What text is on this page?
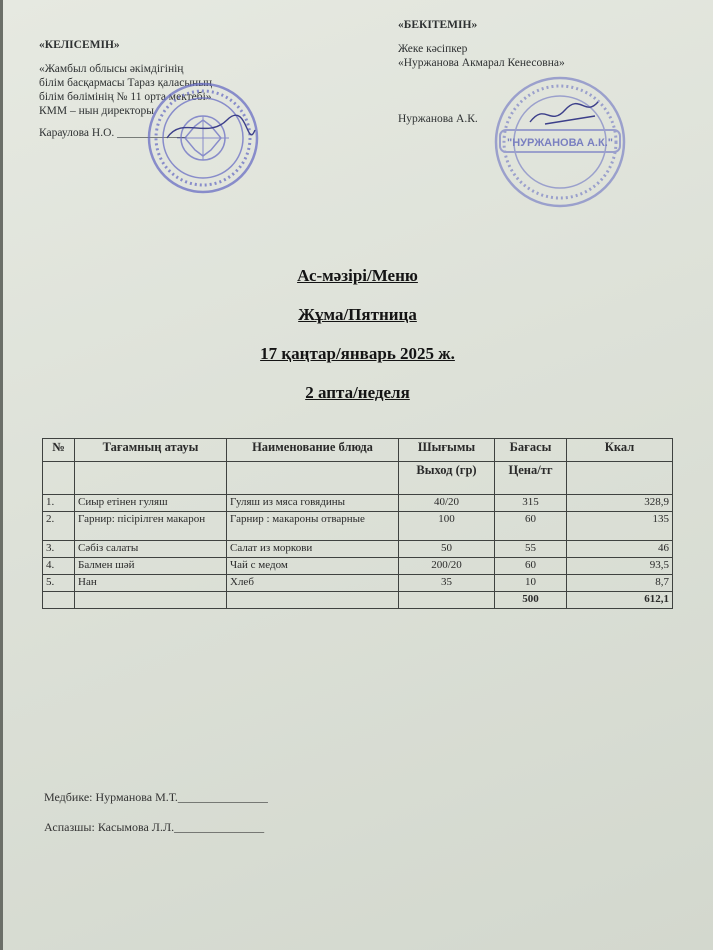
«КЕЛІСЕМІН»
«Жамбыл облысы әкімдігінің
білім басқармасы Тараз қаласының
білім бөлімінің № 11 орта мектебі»
КММ – нын директоры
Караулова Н.О. ____________
«БЕКІТЕМІН»
Жеке кәсіпкер
«Нуржанова Акмарал Кенесовна»
Нуржанова А.К.
"НУРЖАНОВА А.К."
Ас-мәзірі/Меню
Жұма/Пятница
17 қаңтар/январь 2025 ж.
2 апта/неделя
№	Тағамның атауы	Наименование блюда	Шығымы	Бағасы	Ккал
			Выход (гр)	Цена/тг	
1.	Сиыр етінен гуляш	Гуляш из мяса говядины	40/20	315	328,9
2.	Гарнир: пісірілген макарон	Гарнир : макароны отварные	100	60	135
3.	Сәбіз салаты	Салат из моркови	50	55	46
4.	Балмен шәй	Чай с медом	200/20	60	93,5
5.	Нан	Хлеб	35	10	8,7
				500	612,1
Медбике: Нурманова М.Т._______________
Аспазшы: Касымова Л.Л._______________
